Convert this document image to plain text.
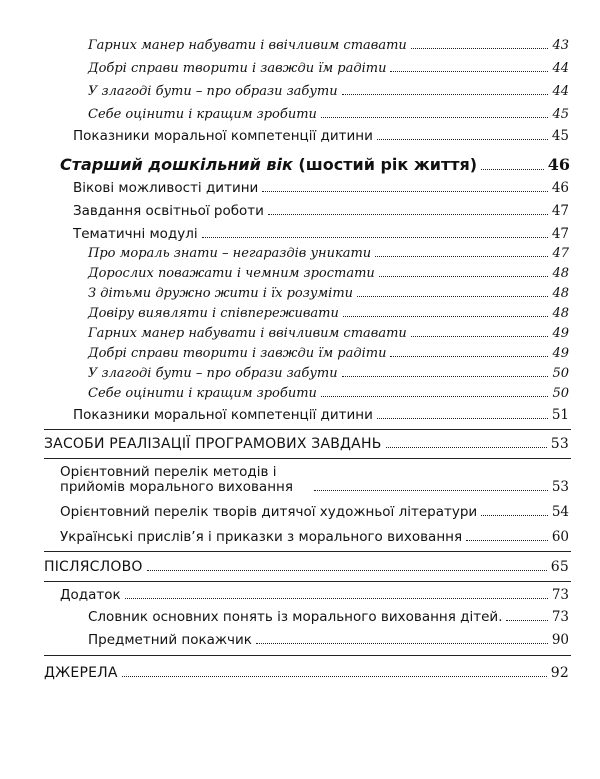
Гарних манер набувати і ввічливим ставати	43
Добрі справи творити і завжди їм радіти	44
У злагоді бути – про образи забути	44
Себе оцінити і кращим зробити	45
Показники моральної компетенції дитини	45
Старший дошкільний вік (шостий рік життя)	46
Вікові можливості дитини	46
Завдання освітньої роботи	47
Тематичні модулі	47
Про мораль знати – негараздів уникати	47
Дорослих поважати і чемним зростати	48
З дітьми дружно жити і їх розуміти	48
Довіру виявляти і співпереживати	48
Гарних манер набувати і ввічливим ставати	49
Добрі справи творити і завжди їм радіти	49
У злагоді бути – про образи забути	50
Себе оцінити і кращим зробити	50
Показники моральної компетенції дитини	51
ЗАСОБИ РЕАЛІЗАЦІЇ ПРОГРАМОВИХ ЗАВДАНЬ	53
Орієнтовний перелік методів і прийомів морального виховання	53
Орієнтовний перелік творів дитячої художньої літератури	54
Українські прислів’я і приказки з морального виховання	60
ПІСЛЯСЛОВО	65
Додаток	73
Словник основних понять із морального виховання дітей.	73
Предметний покажчик	90
ДЖЕРЕЛА	92
